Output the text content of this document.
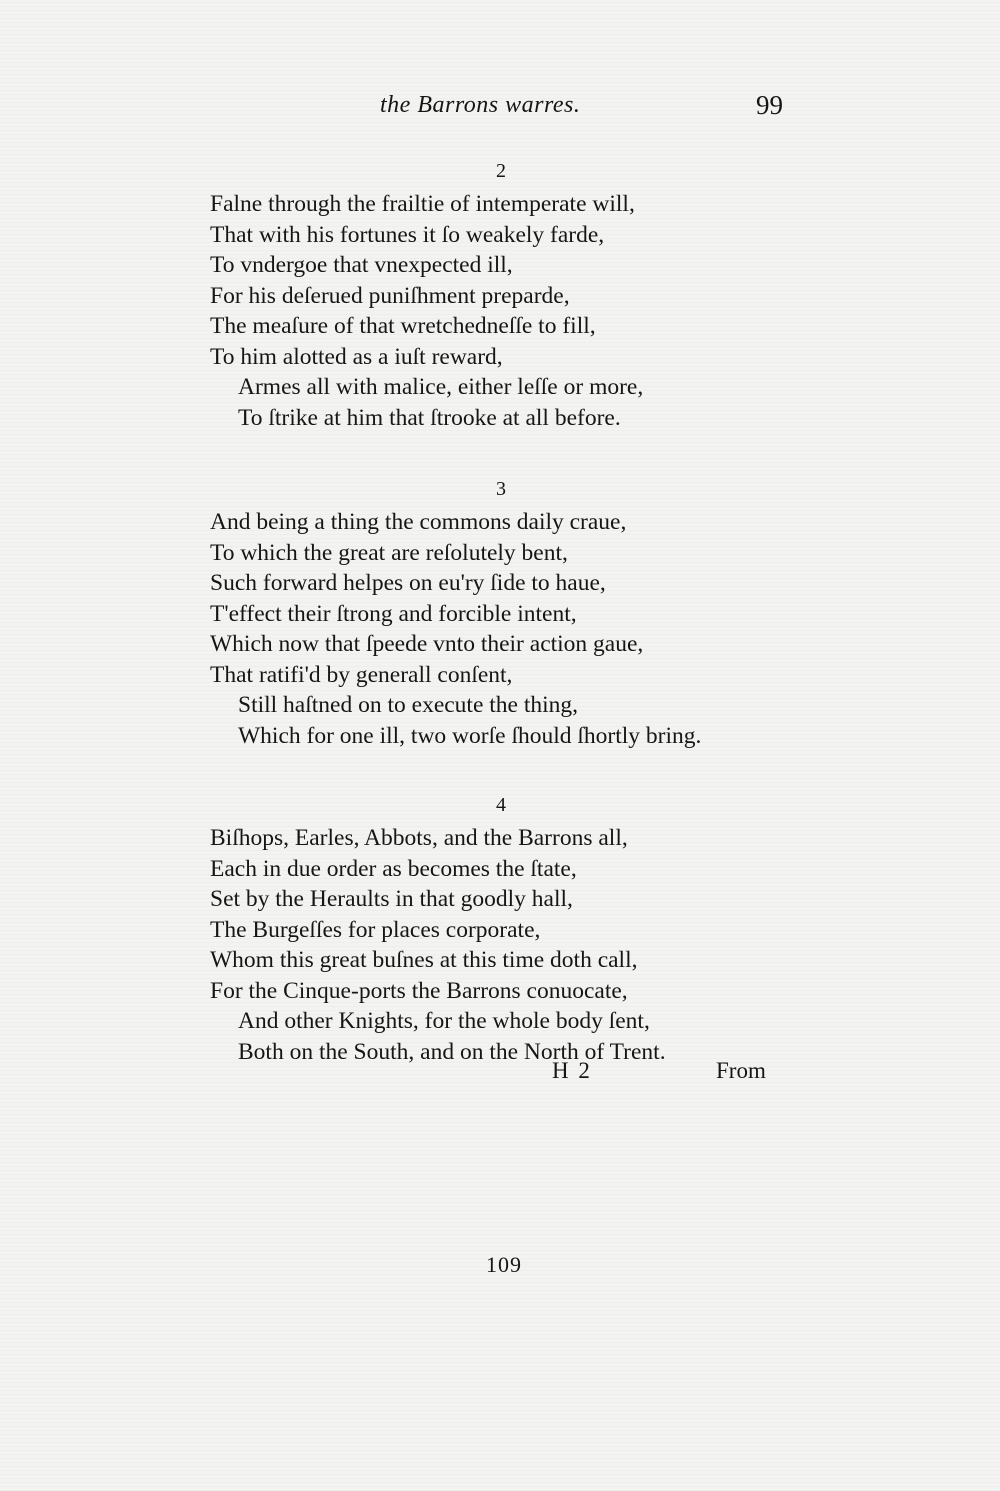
the Barrons warres.	99
2
Falne through the frailtie of intemperate will,
That with his fortunes it ſo weakely farde,
To vndergoe that vnexpected ill,
For his deſerued puniſhment preparde,
The meaſure of that wretchedneſſe to fill,
To him alotted as a iuſt reward,
Armes all with malice, either leſſe or more,
To ſtrike at him that ſtrooke at all before.
3
And being a thing the commons daily craue,
To which the great are reſolutely bent,
Such forward helpes on eu'ry ſide to haue,
T'effect their ſtrong and forcible intent,
Which now that ſpeede vnto their action gaue,
That ratifi'd by generall conſent,
Still haſtned on to execute the thing,
Which for one ill, two worſe ſhould ſhortly bring.
4
Biſhops, Earles, Abbots, and the Barrons all,
Each in due order as becomes the ſtate,
Set by the Heraults in that goodly hall,
The Burgeſſes for places corporate,
Whom this great buſnes at this time doth call,
For the Cinque-ports the Barrons conuocate,
And other Knights, for the whole body ſent,
Both on the South, and on the North of Trent.
H 2	From
109
